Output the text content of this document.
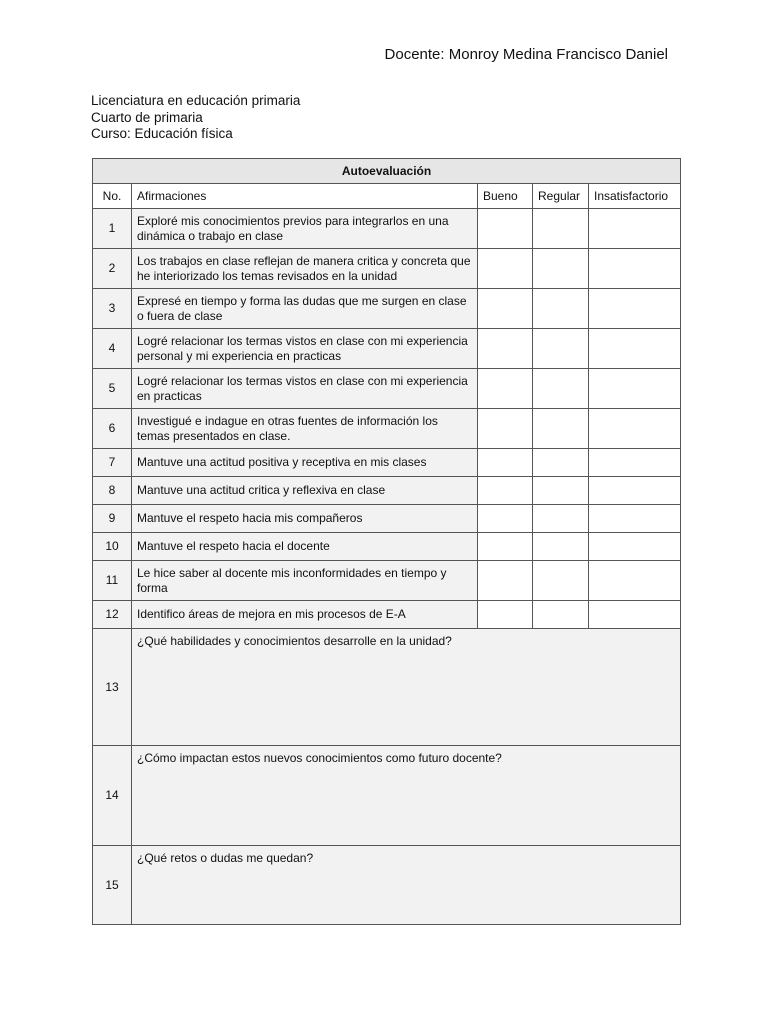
Docente: Monroy Medina Francisco Daniel
Licenciatura en educación primaria
Cuarto de primaria
Curso: Educación física
Autoevaluación				
No.	Afirmaciones	Bueno	Regular	Insatisfactorio
1	Exploré mis conocimientos previos para integrarlos en una dinámica o trabajo en clase			
2	Los trabajos en clase reflejan de manera critica y concreta que he interiorizado los temas revisados en la unidad			
3	Expresé en tiempo y forma las dudas que me surgen en clase o fuera de clase			
4	Logré relacionar los termas vistos en clase con mi experiencia personal y mi experiencia en practicas			
5	Logré relacionar los termas vistos en clase con mi experiencia en practicas			
6	Investigué e indague en otras fuentes de información los temas presentados en clase.			
7	Mantuve una actitud positiva y receptiva en mis clases			
8	Mantuve una actitud critica y reflexiva en clase			
9	Mantuve el respeto hacia mis compañeros			
10	Mantuve el respeto hacia el docente			
11	Le hice saber al docente mis inconformidades en tiempo y forma			
12	Identifico áreas de mejora en mis procesos de E-A			
13	¿Qué habilidades y conocimientos desarrolle en la unidad?			
14	¿Cómo impactan estos nuevos conocimientos como futuro docente?			
15	¿Qué retos o dudas me quedan?			
